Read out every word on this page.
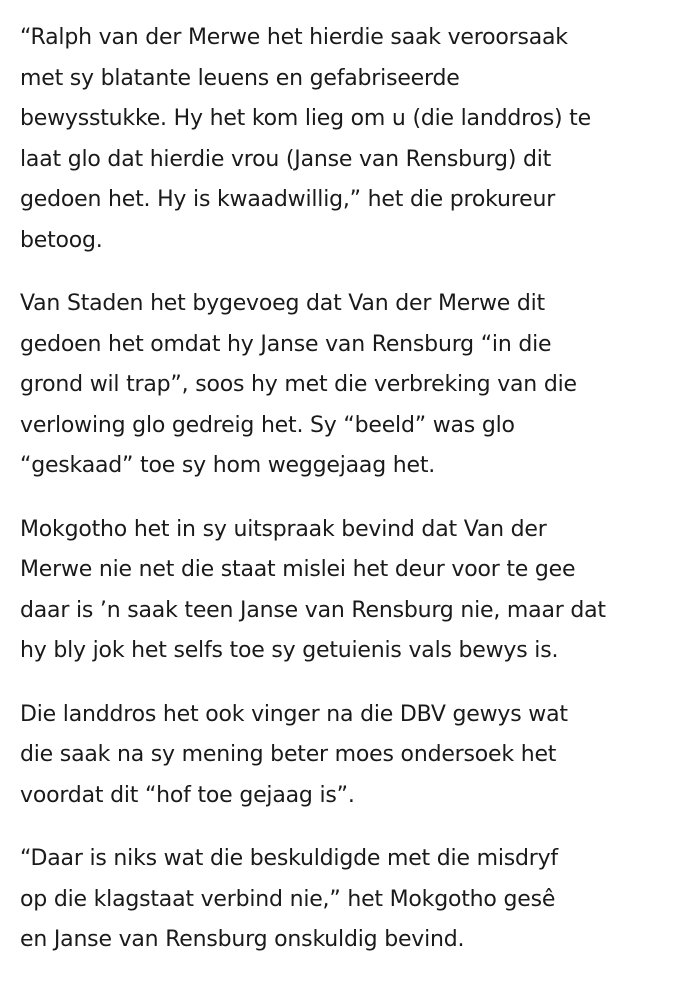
“Ralph van der Merwe het hierdie saak veroorsaak
met sy blatante leuens en gefabriseerde
bewysstukke. Hy het kom lieg om u (die landdros) te
laat glo dat hierdie vrou (Janse van Rensburg) dit
gedoen het. Hy is kwaadwillig,” het die prokureur
betoog.

Van Staden het bygevoeg dat Van der Merwe dit
gedoen het omdat hy Janse van Rensburg “in die
grond wil trap”, soos hy met die verbreking van die
verlowing glo gedreig het. Sy “beeld” was glo
“geskaad” toe sy hom weggejaag het.

Mokgotho het in sy uitspraak bevind dat Van der
Merwe nie net die staat mislei het deur voor te gee
daar is ’n saak teen Janse van Rensburg nie, maar dat
hy bly jok het selfs toe sy getuienis vals bewys is.

Die landdros het ook vinger na die DBV gewys wat
die saak na sy mening beter moes ondersoek het
voordat dit “hof toe gejaag is”.

“Daar is niks wat die beskuldigde met die misdryf
op die klagstaat verbind nie,” het Mokgotho gesê
en Janse van Rensburg onskuldig bevind.
